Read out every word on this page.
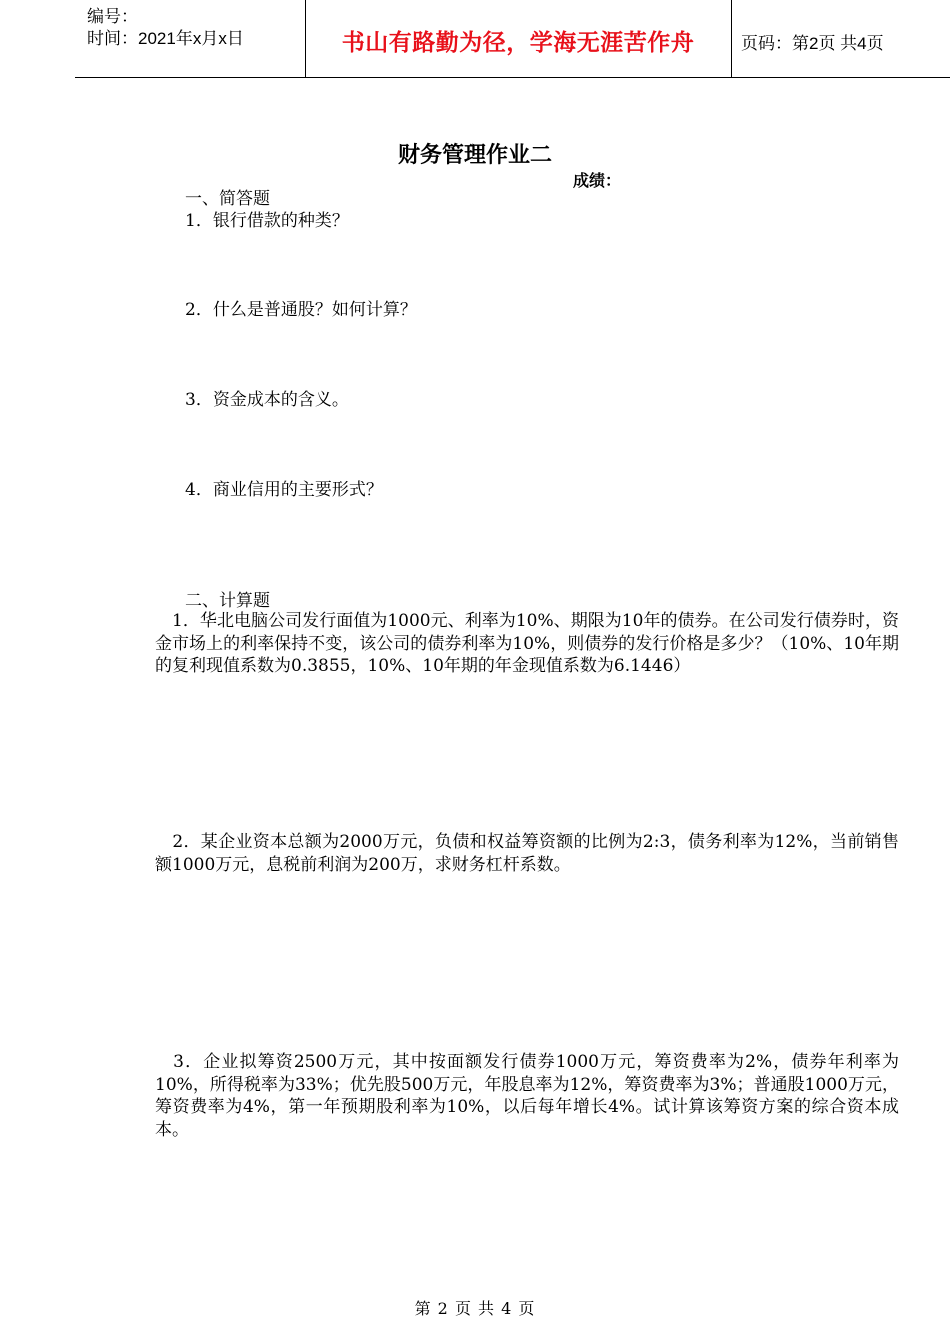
编号：
时间：2021年x月x日	书山有路勤为径，学海无涯苦作舟	页码：第2页 共4页
财务管理作业二
成绩：
一、简答题
1．银行借款的种类？
2．什么是普通股？如何计算？
3．资金成本的含义。
4．商业信用的主要形式？
二、计算题
　1．华北电脑公司发行面值为1000元、利率为10%、期限为10年的债券。在公司发行债券时，资金市场上的利率保持不变，该公司的债券利率为10%，则债券的发行价格是多少？（10%、10年期的复利现值系数为0.3855，10%、10年期的年金现值系数为6.1446）
　2．某企业资本总额为2000万元，负债和权益筹资额的比例为2:3，债务利率为12%，当前销售额1000万元，息税前利润为200万，求财务杠杆系数。
　3．企业拟筹资2500万元，其中按面额发行债券1000万元，筹资费率为2%，债券年利率为10%，所得税率为33%；优先股500万元，年股息率为12%，筹资费率为3%；普通股1000万元，筹资费率为4%，第一年预期股利率为10%，以后每年增长4%。试计算该筹资方案的综合资本成本。
第 2 页 共 4 页
